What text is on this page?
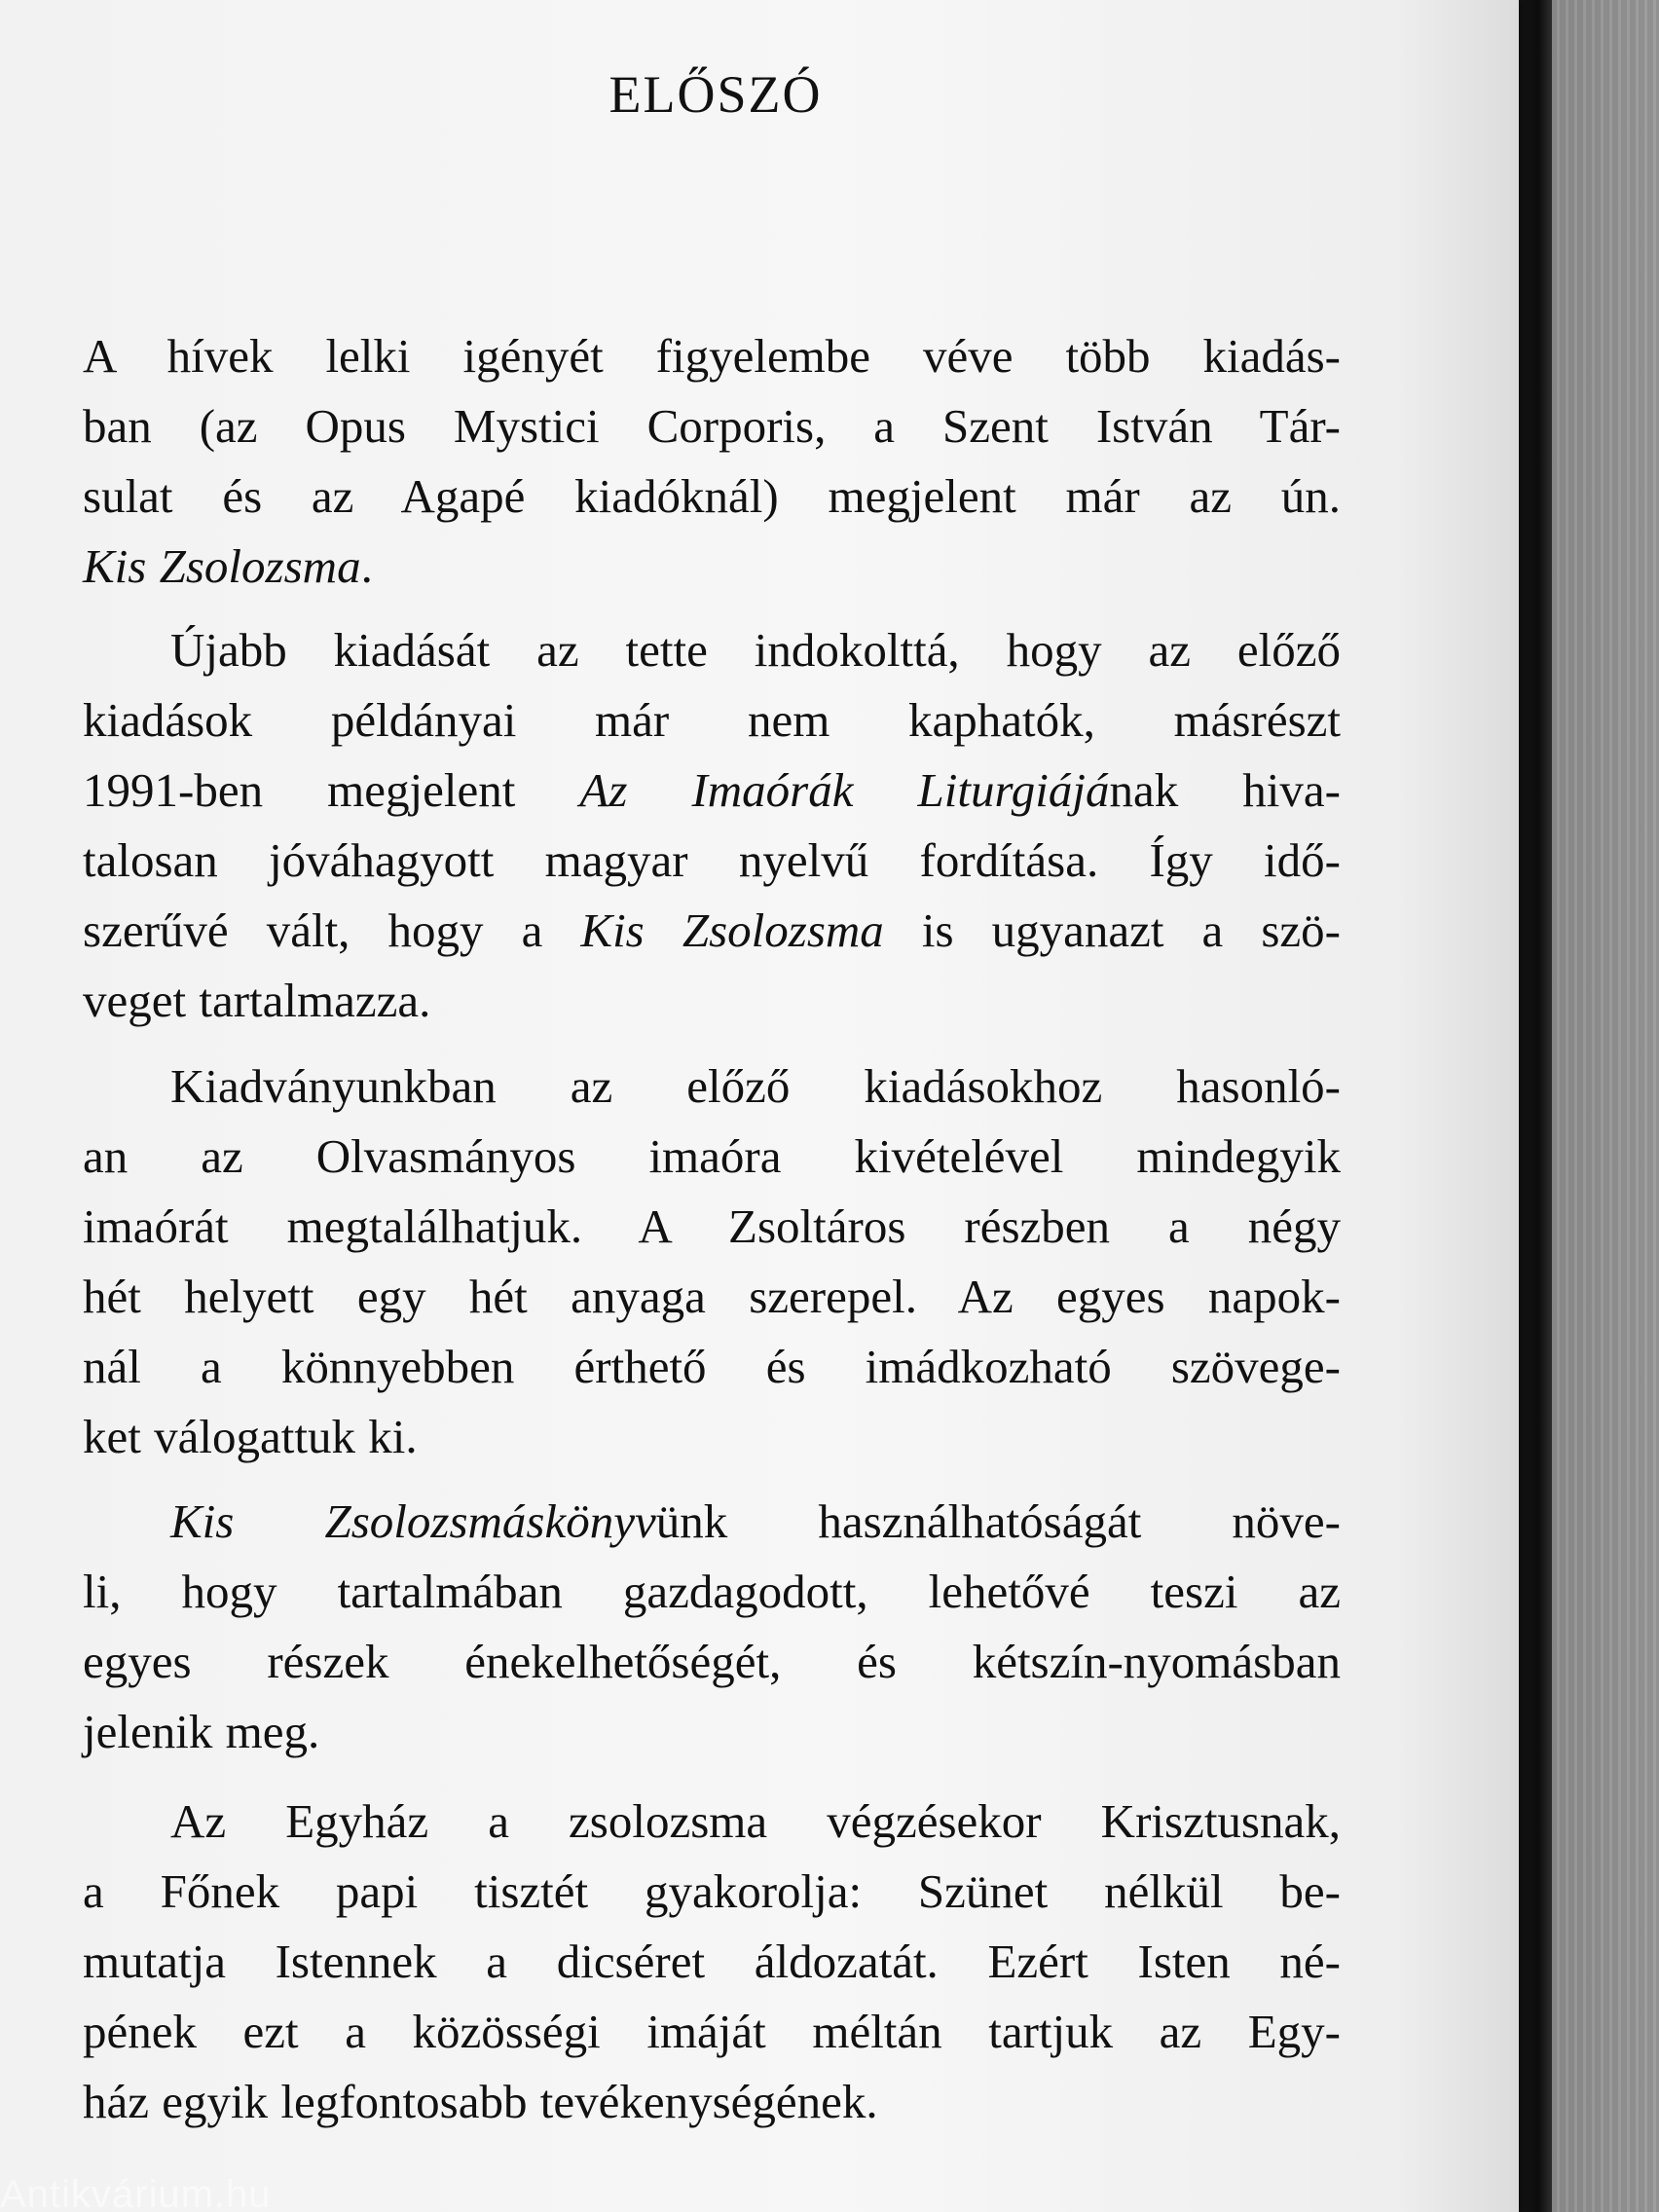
ELŐSZÓ

A hívek lelki igényét figyelembe véve több kiadás-
ban (az Opus Mystici Corporis, a Szent István Tár-
sulat és az Agapé kiadóknál) megjelent már az ún.
Kis Zsolozsma.

Újabb kiadását az tette indokolttá, hogy az előző
kiadások példányai már nem kaphatók, másrészt
1991-ben megjelent Az Imaórák Liturgiájának hiva-
talosan jóváhagyott magyar nyelvű fordítása. Így idő-
szerűvé vált, hogy a Kis Zsolozsma is ugyanazt a szö-
veget tartalmazza.

Kiadványunkban az előző kiadásokhoz hasonló-
an az Olvasmányos imaóra kivételével mindegyik
imaórát megtalálhatjuk. A Zsoltáros részben a négy
hét helyett egy hét anyaga szerepel. Az egyes napok-
nál a könnyebben érthető és imádkozható szövege-
ket válogattuk ki.

Kis Zsolozsmáskönyvünk használhatóságát növe-
li, hogy tartalmában gazdagodott, lehetővé teszi az
egyes részek énekelhetőségét, és kétszín-nyomásban
jelenik meg.

Az Egyház a zsolozsma végzésekor Krisztusnak,
a Főnek papi tisztét gyakorolja: Szünet nélkül be-
mutatja Istennek a dicséret áldozatát. Ezért Isten né-
pének ezt a közösségi imáját méltán tartjuk az Egy-
ház egyik legfontosabb tevékenységének.

Antikvárium.hu
